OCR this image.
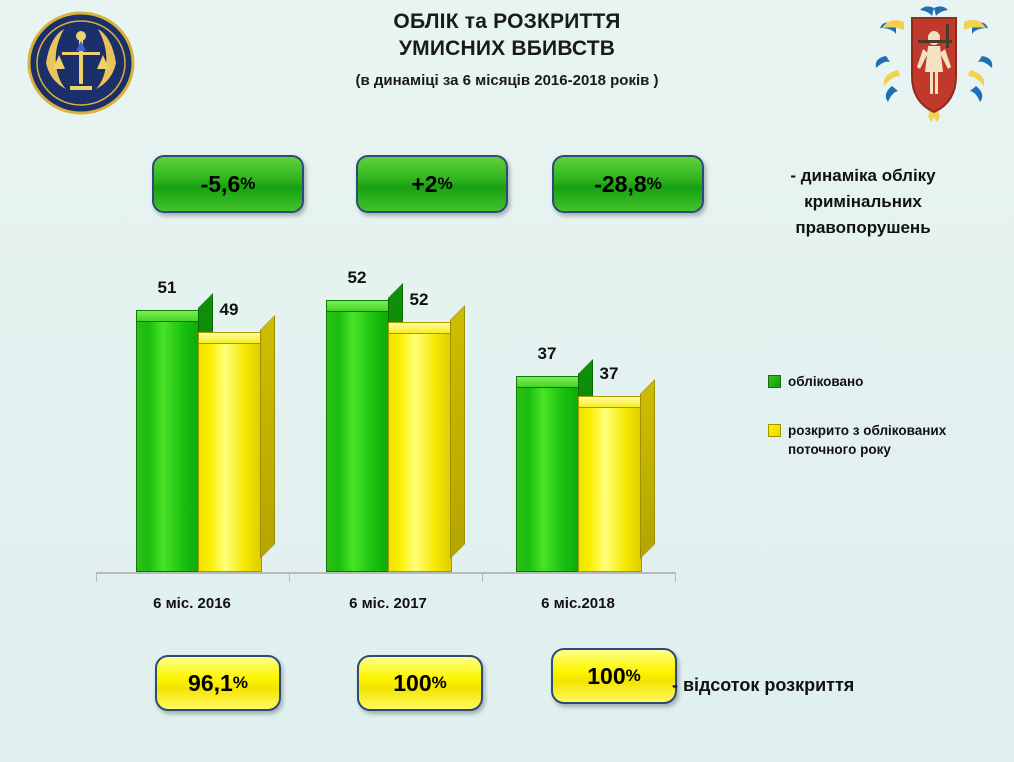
ОБЛІК та РОЗКРИТТЯ
УМИСНИХ ВБИВСТВ
(в динаміці за 6 місяців 2016-2018 років )
-5,6 %	+2 %	-28,8 %	- динаміка обліку
кримінальних
правопорушень
обліковано
розкрито з облікованих
поточного року
51
49
52
52
37
37
6 міс. 2016	6 міс. 2017	6 міс.2018
96,1 %	100 %	100 % - відсоток розкриття
